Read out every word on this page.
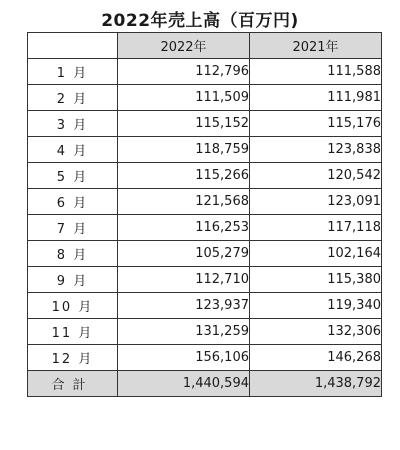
2022年売上高（百万円)
	2022年	2021年
1 月	112,796	111,588
2 月	111,509	111,981
3 月	115,152	115,176
4 月	118,759	123,838
5 月	115,266	120,542
6 月	121,568	123,091
7 月	116,253	117,118
8 月	105,279	102,164
9 月	112,710	115,380
10 月	123,937	119,340
11 月	131,259	132,306
12 月	156,106	146,268
合計	1,440,594	1,438,792
